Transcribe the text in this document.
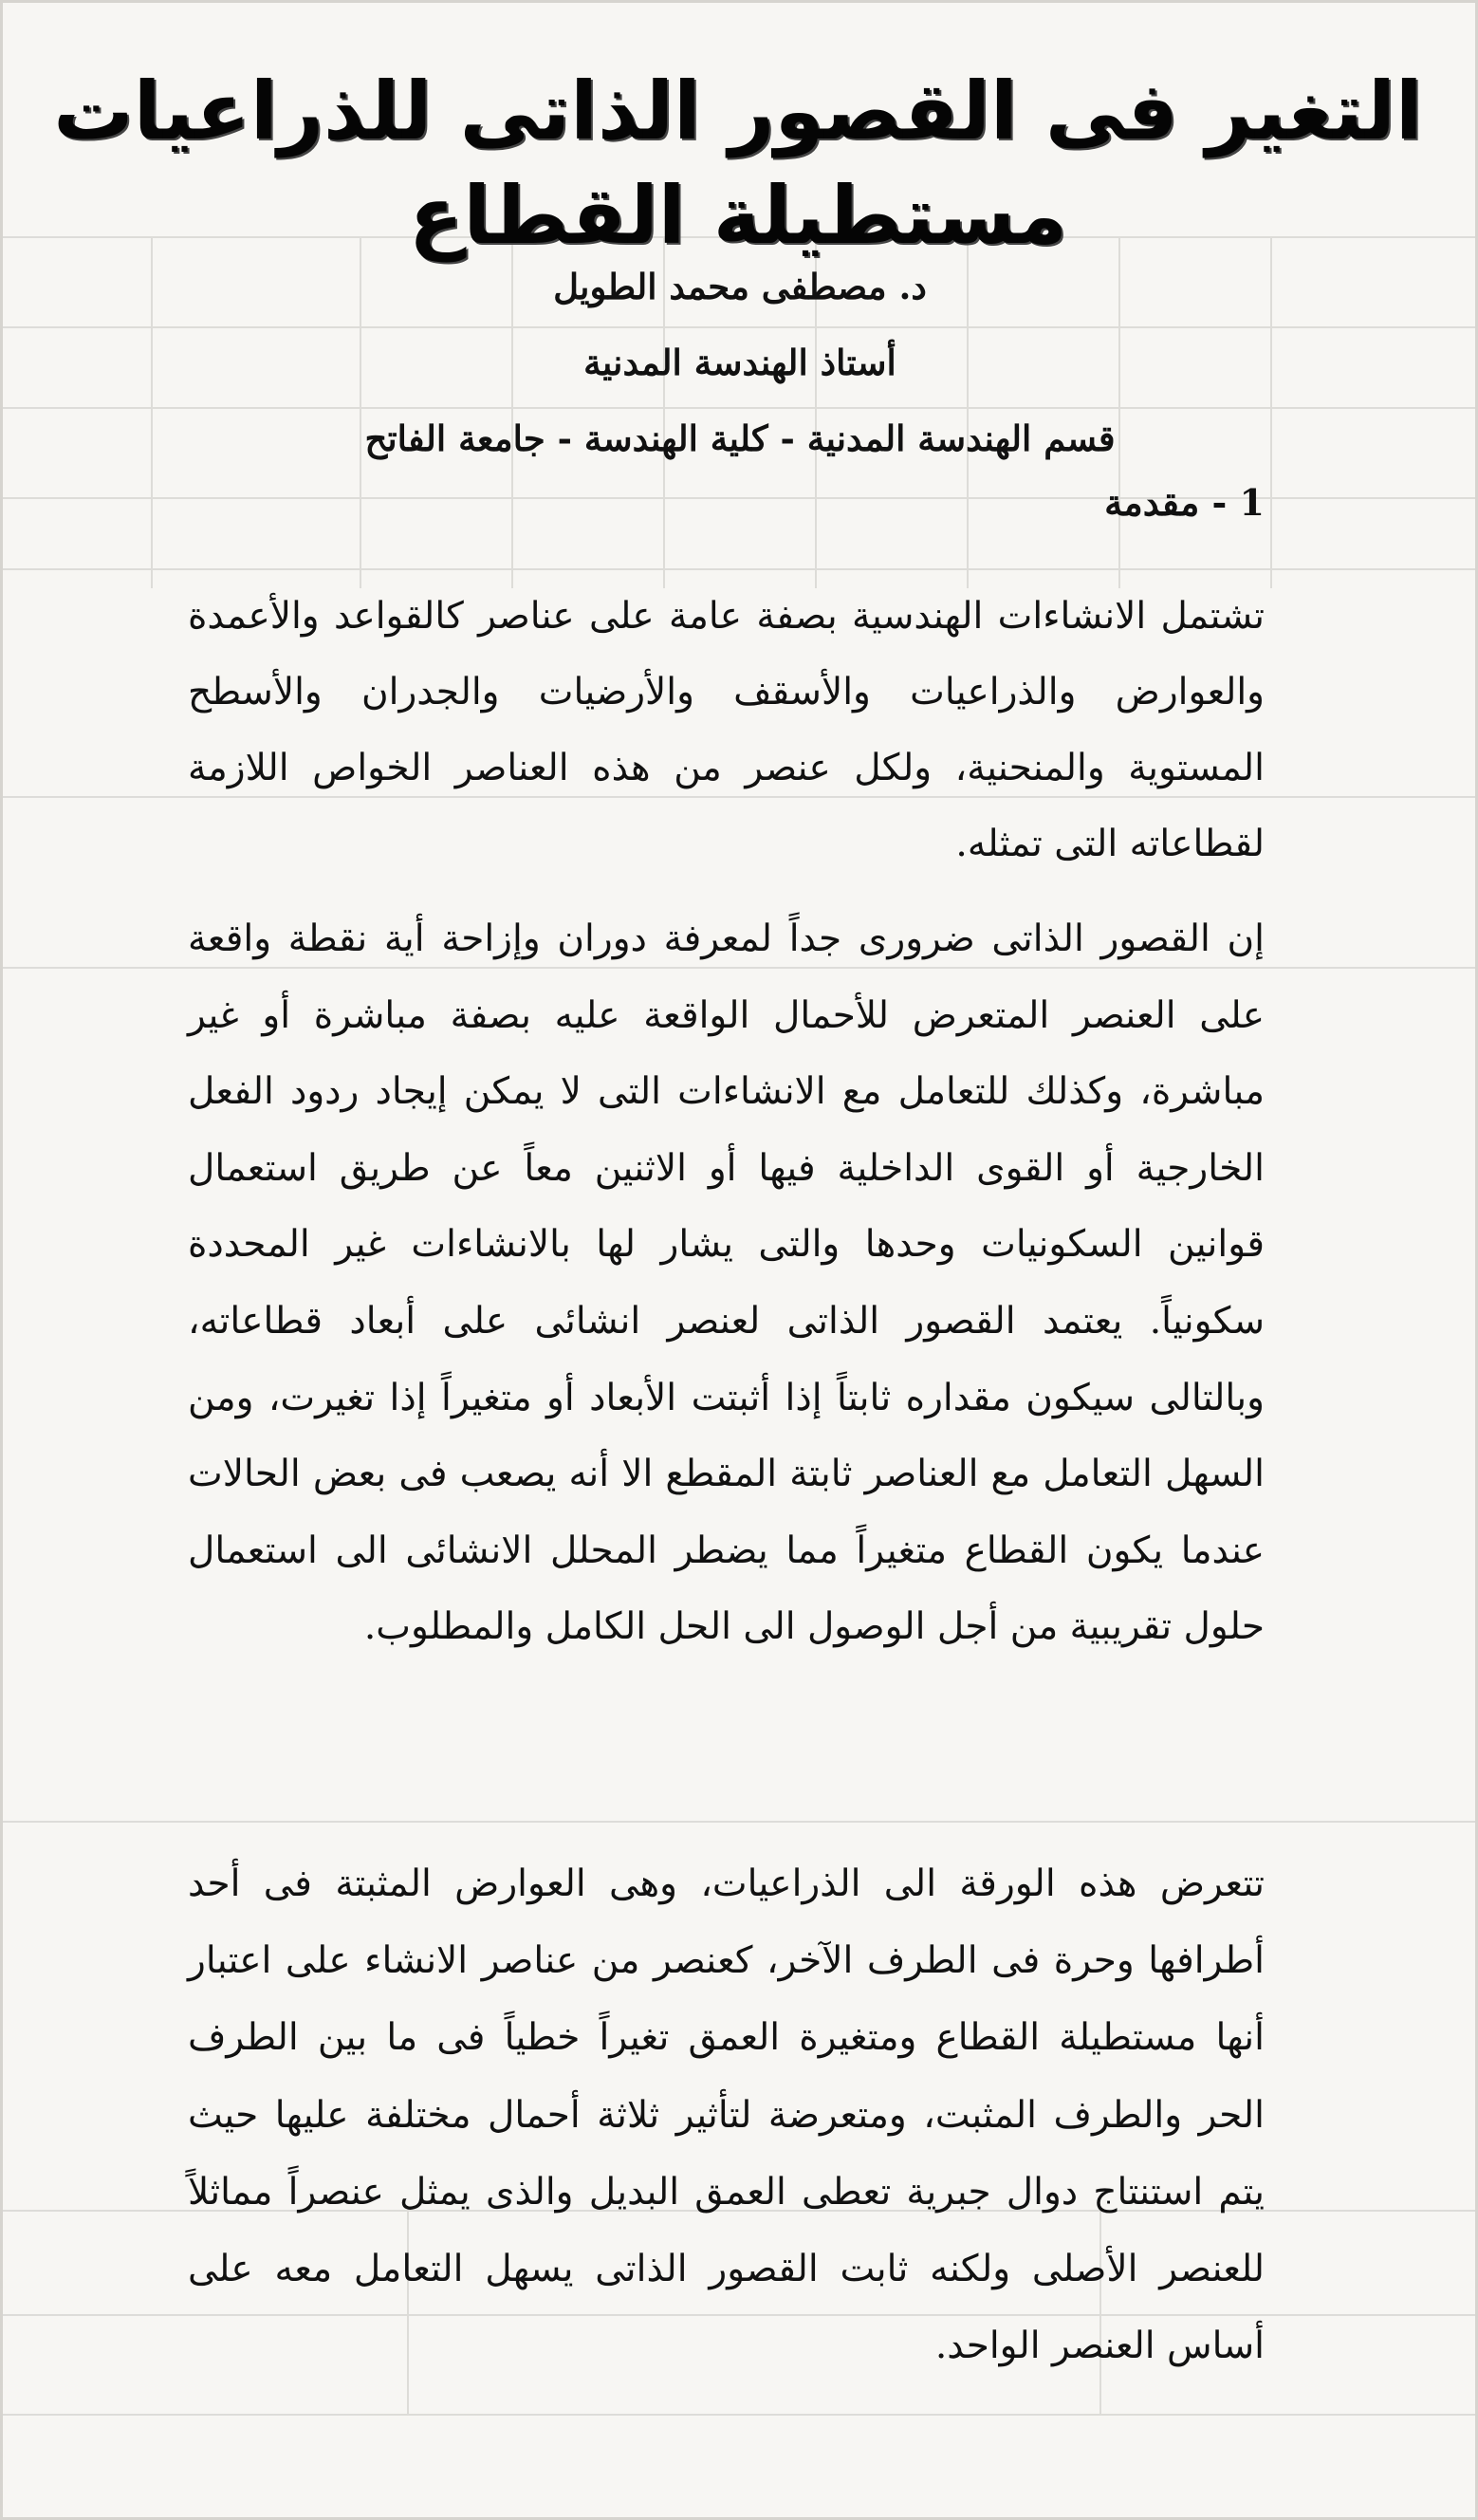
التغير فى القصور الذاتى للذراعيات مستطيلة القطاع
د. مصطفى محمد الطويل
أستاذ الهندسة المدنية
قسم الهندسة المدنية - كلية الهندسة - جامعة الفاتح
1 - مقدمة

تشتمل الانشاءات الهندسية بصفة عامة على عناصر كالقواعد والأعمدة والعوارض والذراعيات والأسقف والأرضيات والجدران والأسطح المستوية والمنحنية، ولكل عنصر من هذه العناصر الخواص اللازمة لقطاعاته التى تمثله.

إن القصور الذاتى ضرورى جداً لمعرفة دوران وإزاحة أية نقطة واقعة على العنصر المتعرض للأحمال الواقعة عليه بصفة مباشرة أو غير مباشرة، وكذلك للتعامل مع الانشاءات التى لا يمكن إيجاد ردود الفعل الخارجية أو القوى الداخلية فيها أو الاثنين معاً عن طريق استعمال قوانين السكونيات وحدها والتى يشار لها بالانشاءات غير المحددة سكونياً. يعتمد القصور الذاتى لعنصر انشائى على أبعاد قطاعاته، وبالتالى سيكون مقداره ثابتاً إذا أثبتت الأبعاد أو متغيراً إذا تغيرت، ومن السهل التعامل مع العناصر ثابتة المقطع الا أنه يصعب فى بعض الحالات عندما يكون القطاع متغيراً مما يضطر المحلل الانشائى الى استعمال حلول تقريبية من أجل الوصول الى الحل الكامل والمطلوب.

تتعرض هذه الورقة الى الذراعيات، وهى العوارض المثبتة فى أحد أطرافها وحرة فى الطرف الآخر، كعنصر من عناصر الانشاء على اعتبار أنها مستطيلة القطاع ومتغيرة العمق تغيراً خطياً فى ما بين الطرف الحر والطرف المثبت، ومتعرضة لتأثير ثلاثة أحمال مختلفة عليها حيث يتم استنتاج دوال جبرية تعطى العمق البديل والذى يمثل عنصراً مماثلاً للعنصر الأصلى ولكنه ثابت القصور الذاتى يسهل التعامل معه على أساس العنصر الواحد.
